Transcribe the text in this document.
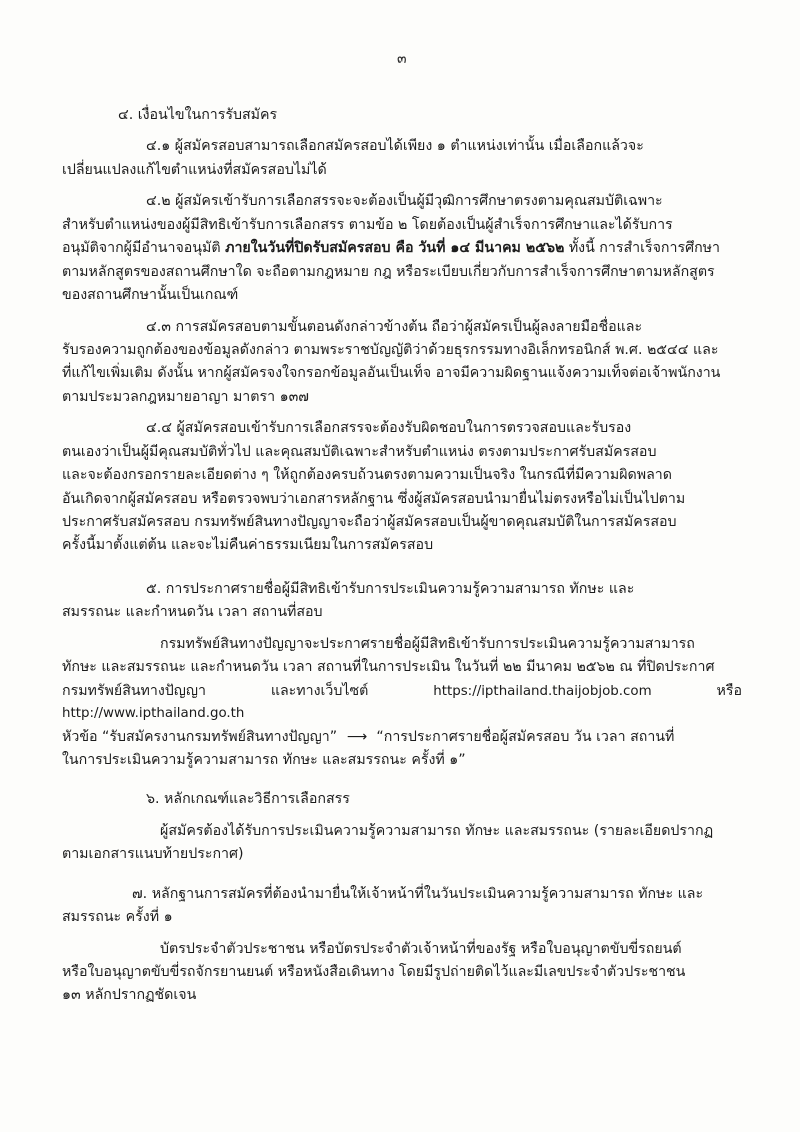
๓

๔. เงื่อนไขในการรับสมัคร

๔.๑ ผู้สมัครสอบสามารถเลือกสมัครสอบได้เพียง ๑ ตำแหน่งเท่านั้น เมื่อเลือกแล้วจะ

เปลี่ยนแปลงแก้ไขตำแหน่งที่สมัครสอบไม่ได้

๔.๒ ผู้สมัครเข้ารับการเลือกสรรจะจะต้องเป็นผู้มีวุฒิการศึกษาตรงตามคุณสมบัติเฉพาะ

สำหรับตำแหน่งของผู้มีสิทธิเข้ารับการเลือกสรร ตามข้อ ๒ โดยต้องเป็นผู้สำเร็จการศึกษาและได้รับการ

อนุมัติจากผู้มีอำนาจอนุมัติ ภายในวันที่ปิดรับสมัครสอบ คือ วันที่ ๑๔ มีนาคม ๒๕๖๒ ทั้งนี้ การสำเร็จการศึกษา

ตามหลักสูตรของสถานศึกษาใด จะถือตามกฎหมาย กฎ หรือระเบียบเกี่ยวกับการสำเร็จการศึกษาตามหลักสูตร

ของสถานศึกษานั้นเป็นเกณฑ์

๔.๓ การสมัครสอบตามขั้นตอนดังกล่าวข้างต้น ถือว่าผู้สมัครเป็นผู้ลงลายมือชื่อและ

รับรองความถูกต้องของข้อมูลดังกล่าว ตามพระราชบัญญัติว่าด้วยธุรกรรมทางอิเล็กทรอนิกส์ พ.ศ. ๒๕๔๔ และ

ที่แก้ไขเพิ่มเติม ดังนั้น หากผู้สมัครจงใจกรอกข้อมูลอันเป็นเท็จ อาจมีความผิดฐานแจ้งความเท็จต่อเจ้าพนักงาน

ตามประมวลกฎหมายอาญา มาตรา ๑๓๗

๔.๔ ผู้สมัครสอบเข้ารับการเลือกสรรจะต้องรับผิดชอบในการตรวจสอบและรับรอง

ตนเองว่าเป็นผู้มีคุณสมบัติทั่วไป และคุณสมบัติเฉพาะสำหรับตำแหน่ง ตรงตามประกาศรับสมัครสอบ

และจะต้องกรอกรายละเอียดต่าง ๆ ให้ถูกต้องครบถ้วนตรงตามความเป็นจริง ในกรณีที่มีความผิดพลาด

อันเกิดจากผู้สมัครสอบ หรือตรวจพบว่าเอกสารหลักฐาน ซึ่งผู้สมัครสอบนำมายื่นไม่ตรงหรือไม่เป็นไปตาม

ประกาศรับสมัครสอบ กรมทรัพย์สินทางปัญญาจะถือว่าผู้สมัครสอบเป็นผู้ขาดคุณสมบัติในการสมัครสอบ

ครั้งนี้มาตั้งแต่ต้น และจะไม่คืนค่าธรรมเนียมในการสมัครสอบ

๕. การประกาศรายชื่อผู้มีสิทธิเข้ารับการประเมินความรู้ความสามารถ ทักษะ และ

สมรรถนะ และกำหนดวัน เวลา สถานที่สอบ

กรมทรัพย์สินทางปัญญาจะประกาศรายชื่อผู้มีสิทธิเข้ารับการประเมินความรู้ความสามารถ

ทักษะ และสมรรถนะ และกำหนดวัน เวลา สถานที่ในการประเมิน ในวันที่ ๒๒ มีนาคม ๒๕๖๒ ณ ที่ปิดประกาศ

กรมทรัพย์สินทางปัญญา และทางเว็บไซต์	https://ipthailand.thaijobjob.com	หรือ http://www.ipthailand.go.th

หัวข้อ “รับสมัครงานกรมทรัพย์สินทางปัญญา” ⟶ “การประกาศรายชื่อผู้สมัครสอบ วัน เวลา สถานที่

ในการประเมินความรู้ความสามารถ ทักษะ และสมรรถนะ ครั้งที่ ๑”

๖. หลักเกณฑ์และวิธีการเลือกสรร

ผู้สมัครต้องได้รับการประเมินความรู้ความสามารถ ทักษะ และสมรรถนะ (รายละเอียดปรากฏ

ตามเอกสารแนบท้ายประกาศ)

๗. หลักฐานการสมัครที่ต้องนำมายื่นให้เจ้าหน้าที่ในวันประเมินความรู้ความสามารถ ทักษะ และ

สมรรถนะ ครั้งที่ ๑

บัตรประจำตัวประชาชน หรือบัตรประจำตัวเจ้าหน้าที่ของรัฐ หรือใบอนุญาตขับขี่รถยนต์

หรือใบอนุญาตขับขี่รถจักรยานยนต์ หรือหนังสือเดินทาง โดยมีรูปถ่ายติดไว้และมีเลขประจำตัวประชาชน

๑๓ หลักปรากฏชัดเจน
